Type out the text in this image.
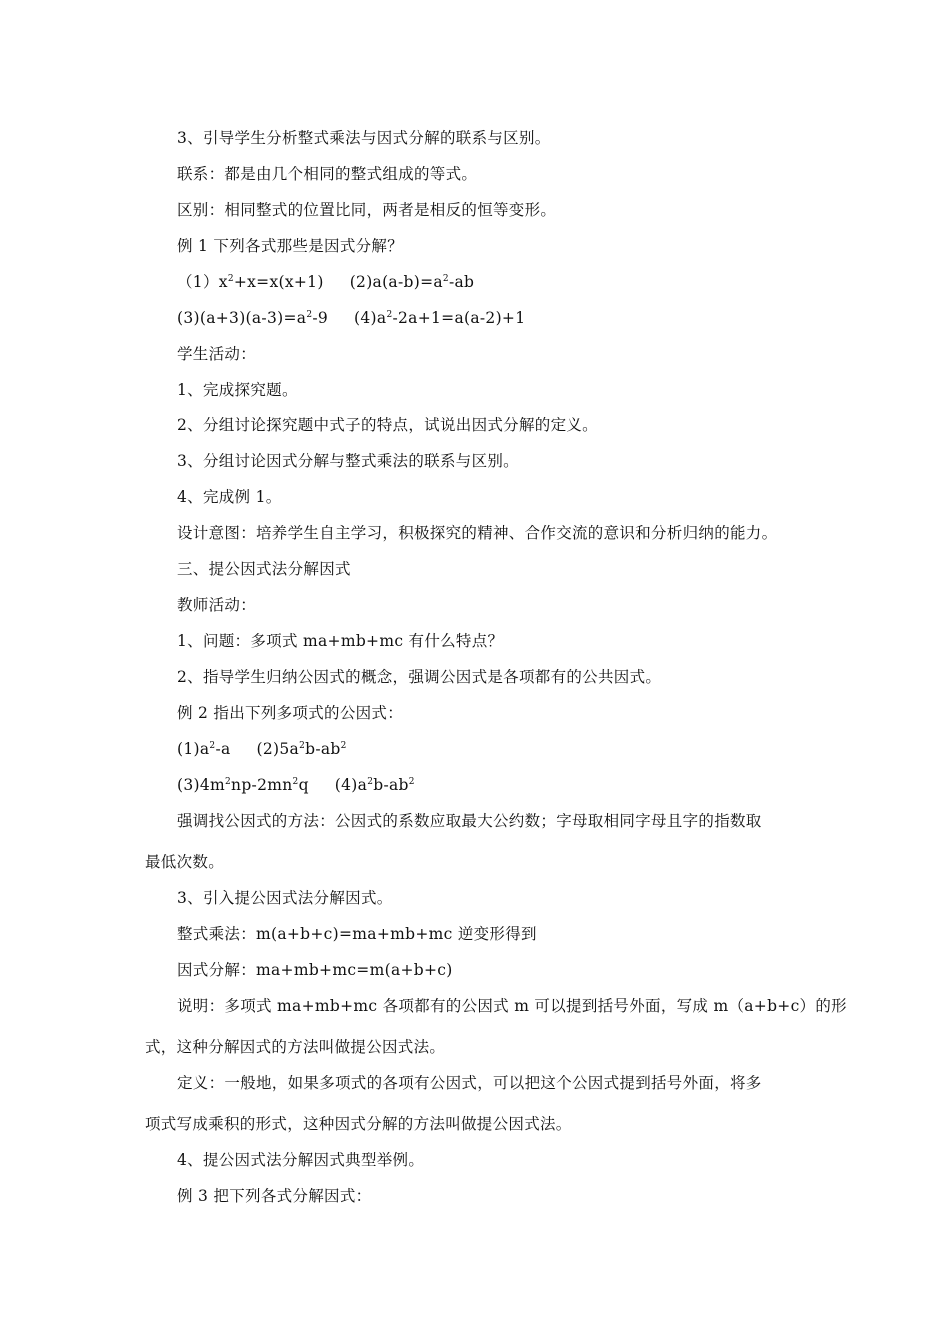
3、引导学生分析整式乘法与因式分解的联系与区别。
联系：都是由几个相同的整式组成的等式。
区别：相同整式的位置比同，两者是相反的恒等变形。
例 1 下列各式那些是因式分解？
$(1)x^2+x=x(x+1)$ $(2)a(a-b)=a^2-ab$
$(3)(a+3)(a-3)=a^2-9$ $(4)a^2-2a+1=a(a-2)+1$
学生活动：
1、完成探究题。
2、分组讨论探究题中式子的特点，试说出因式分解的定义。
3、分组讨论因式分解与整式乘法的联系与区别。
4、完成例 1。
设计意图：培养学生自主学习，积极探究的精神、合作交流的意识和分析归纳的能力。
三、提公因式法分解因式
教师活动：
1、问题：多项式 ma+mb+mc 有什么特点？
2、指导学生归纳公因式的概念，强调公因式是各项都有的公共因式。
例 2 指出下列多项式的公因式：
$(1)a^2-a$ $(2)5a^2b-ab^2$
$(3)4m^2np-2mn^2q$ $(4)a^2b-ab^2$
强调找公因式的方法：公因式的系数应取最大公约数；字母取相同字母且字的指数取
最低次数。
3、引入提公因式法分解因式。
整式乘法：m(a+b+c)=ma+mb+mc 逆变形得到
因式分解：ma+mb+mc=m(a+b+c)
说明：多项式 ma+mb+mc 各项都有的公因式 m 可以提到括号外面，写成 m（a+b+c）的形
式，这种分解因式的方法叫做提公因式法。
定义：一般地，如果多项式的各项有公因式，可以把这个公因式提到括号外面，将多
项式写成乘积的形式，这种因式分解的方法叫做提公因式法。
4、提公因式法分解因式典型举例。
例 3 把下列各式分解因式：
